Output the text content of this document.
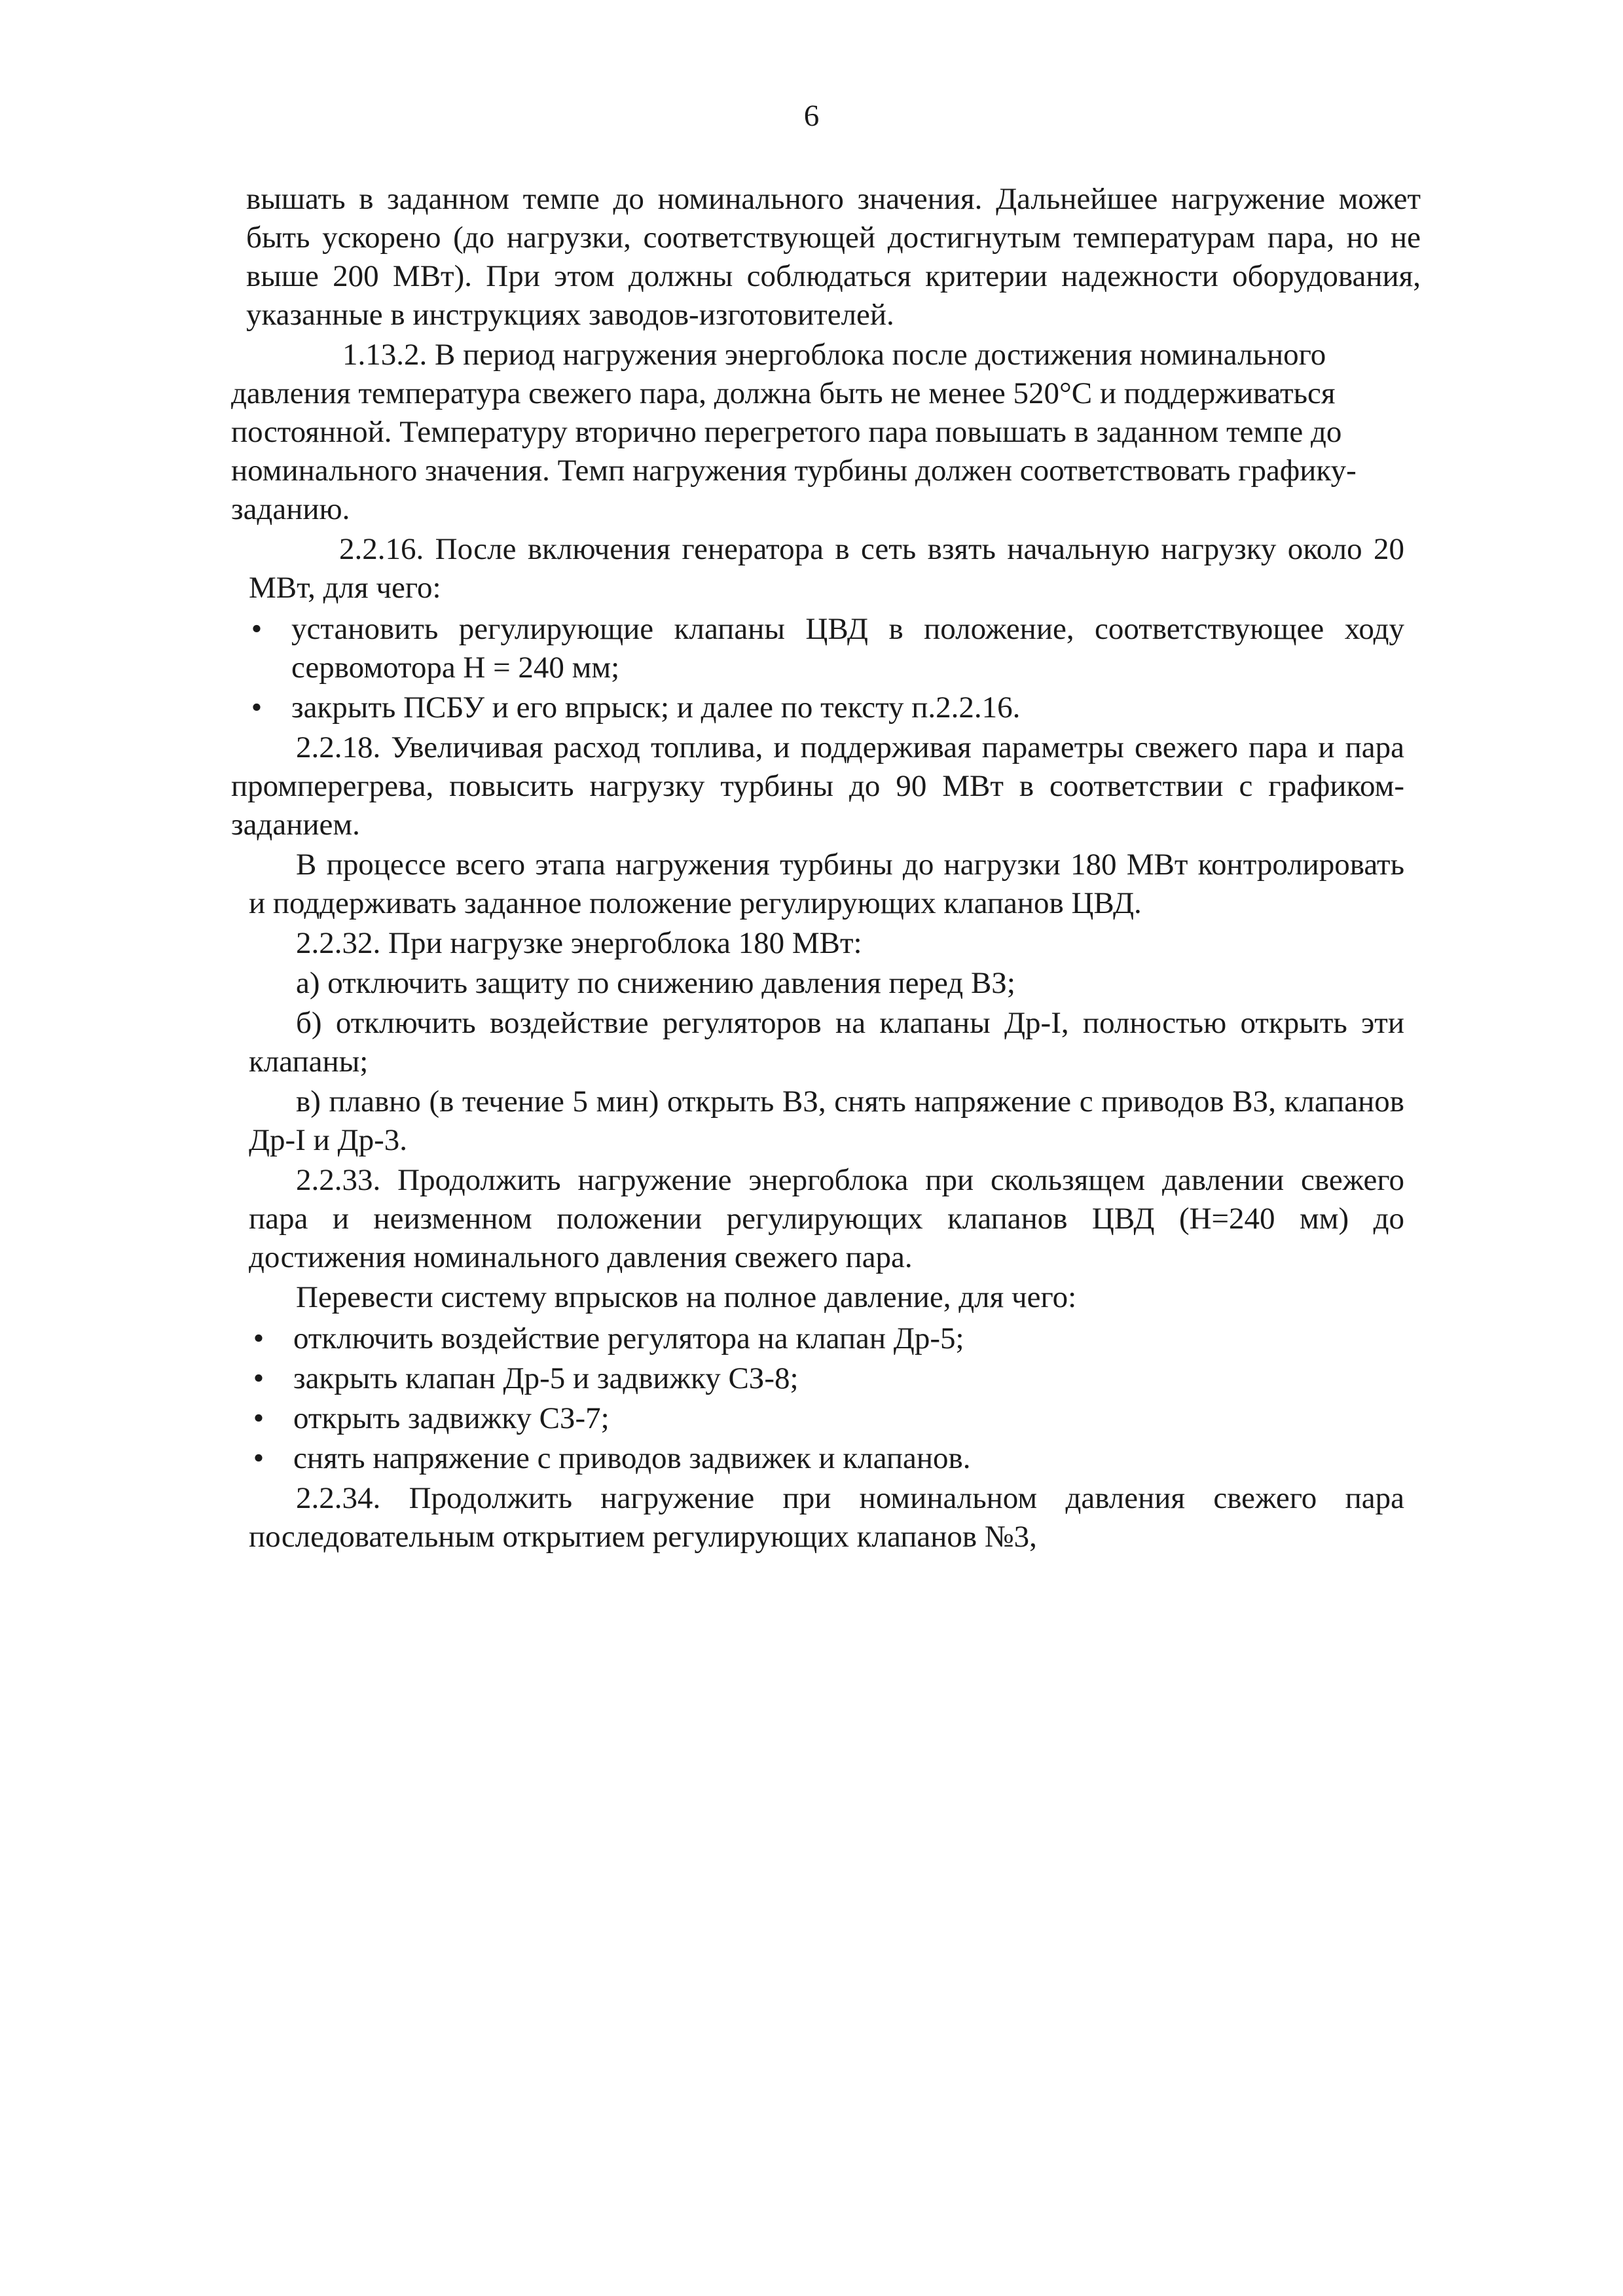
6

вышать в заданном темпе до номинального значения. Дальнейшее нагружение может быть ускорено (до нагрузки, соответствующей достигнутым температурам пара, но не выше 200 МВт). При этом должны соблюдаться критерии надежности оборудования, указанные в инструкциях заводов-изготовителей.

1.13.2. В период нагружения энергоблока после достижения номинального давления температура свежего пара, должна быть не менее 520°С и поддерживаться постоянной. Температуру вторично перегретого пара повышать в заданном темпе до номинального значения. Темп нагружения турбины должен соответствовать графику-заданию.

2.2.16. После включения генератора в сеть взять начальную нагрузку около 20 МВт, для чего:

• установить регулирующие клапаны ЦВД в положение, соответствующее ходу сервомотора Н = 240 мм;
• закрыть ПСБУ и его впрыск; и далее по тексту п.2.2.16.

2.2.18. Увеличивая расход топлива, и поддерживая параметры свежего пара и пара промперегрева, повысить нагрузку турбины до 90 МВт в соответствии с графиком-заданием.

В процессе всего этапа нагружения турбины до нагрузки 180 МВт контролировать и поддерживать заданное положение регулирующих клапанов ЦВД.

2.2.32. При нагрузке энергоблока 180 МВт:

а) отключить защиту по снижению давления перед ВЗ;

б) отключить воздействие регуляторов на клапаны Др-I, полностью открыть эти клапаны;

в) плавно (в течение 5 мин) открыть ВЗ, снять напряжение с приводов ВЗ, клапанов Др-I и Др-3.

2.2.33. Продолжить нагружение энергоблока при скользящем давлении свежего пара и неизменном положении регулирующих клапанов ЦВД (Н=240 мм) до достижения номинального давления свежего пара.

Перевести систему впрысков на полное давление, для чего:

• отключить воздействие регулятора на клапан Др-5;
• закрыть клапан Др-5 и задвижку СЗ-8;
• открыть задвижку СЗ-7;
• снять напряжение с приводов задвижек и клапанов.

2.2.34. Продолжить нагружение при номинальном давления свежего пара последовательным открытием регулирующих клапанов №3,
